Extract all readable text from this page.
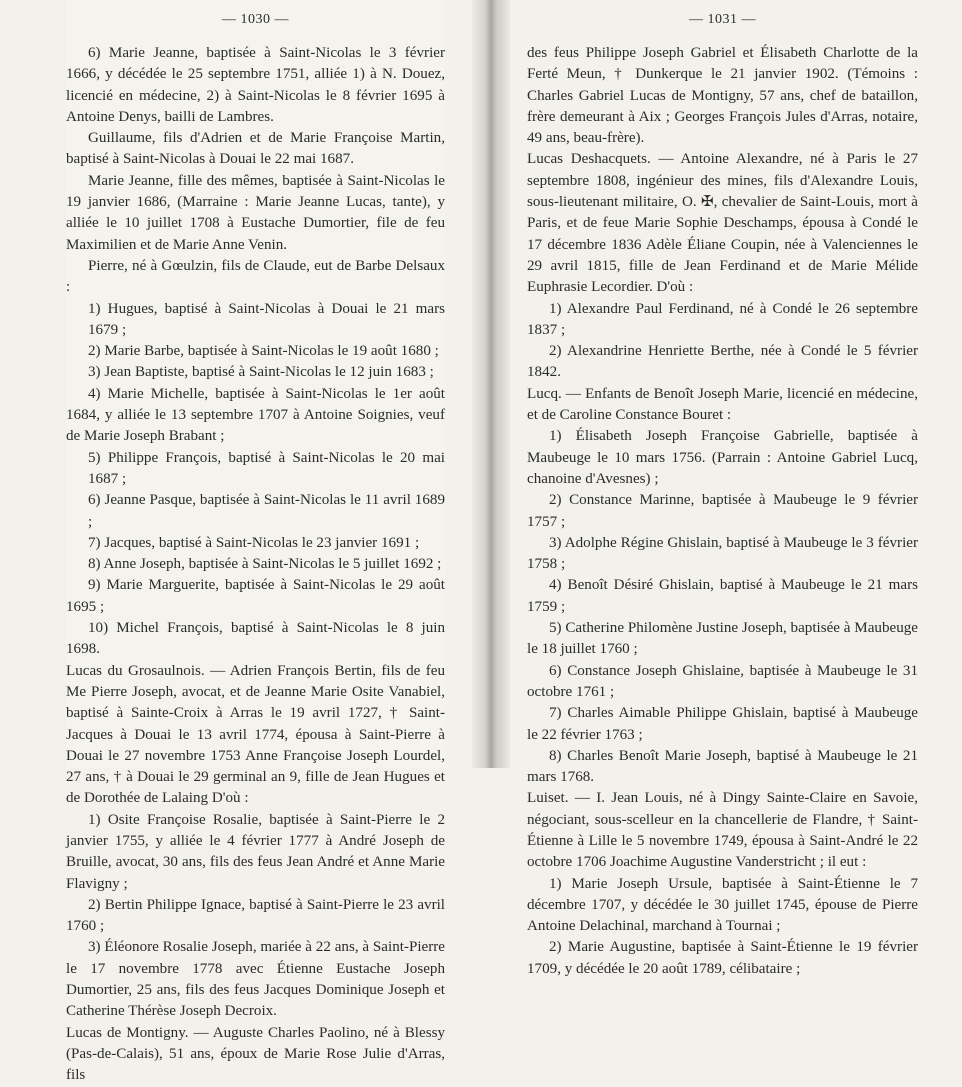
— 1030 —

6) Marie Jeanne, baptisée à Saint-Nicolas le 3 février 1666, y décédée le 25 septembre 1751, alliée 1) à N. Douez, licencié en médecine, 2) à Saint-Nicolas le 8 février 1695 à Antoine Denys, bailli de Lambres.

Guillaume, fils d'Adrien et de Marie Françoise Martin, baptisé à Saint-Nicolas à Douai le 22 mai 1687.

Marie Jeanne, fille des mêmes, baptisée à Saint-Nicolas le 19 janvier 1686, (Marraine : Marie Jeanne Lucas, tante), y alliée le 10 juillet 1708 à Eustache Dumortier, file de feu Maximilien et de Marie Anne Venin.

Pierre, né à Gœulzin, fils de Claude, eut de Barbe Delsaux :

1) Hugues, baptisé à Saint-Nicolas à Douai le 21 mars 1679 ;

2) Marie Barbe, baptisée à Saint-Nicolas le 19 août 1680 ;

3) Jean Baptiste, baptisé à Saint-Nicolas le 12 juin 1683 ;

4) Marie Michelle, baptisée à Saint-Nicolas le 1er août 1684, y alliée le 13 septembre 1707 à Antoine Soignies, veuf de Marie Joseph Brabant ;

5) Philippe François, baptisé à Saint-Nicolas le 20 mai 1687 ;

6) Jeanne Pasque, baptisée à Saint-Nicolas le 11 avril 1689 ;

7) Jacques, baptisé à Saint-Nicolas le 23 janvier 1691 ;

8) Anne Joseph, baptisée à Saint-Nicolas le 5 juillet 1692 ;

9) Marie Marguerite, baptisée à Saint-Nicolas le 29 août 1695 ;

10) Michel François, baptisé à Saint-Nicolas le 8 juin 1698.

Lucas du Grosaulnois. — Adrien François Bertin, fils de feu Me Pierre Joseph, avocat, et de Jeanne Marie Osite Vanabiel, baptisé à Sainte-Croix à Arras le 19 avril 1727, † Saint-Jacques à Douai le 13 avril 1774, épousa à Saint-Pierre à Douai le 27 novembre 1753 Anne Françoise Joseph Lourdel, 27 ans, † à Douai le 29 germinal an 9, fille de Jean Hugues et de Dorothée de Lalaing D'où :

1) Osite Françoise Rosalie, baptisée à Saint-Pierre le 2 janvier 1755, y alliée le 4 février 1777 à André Joseph de Bruille, avocat, 30 ans, fils des feus Jean André et Anne Marie Flavigny ;

2) Bertin Philippe Ignace, baptisé à Saint-Pierre le 23 avril 1760 ;

3) Éléonore Rosalie Joseph, mariée à 22 ans, à Saint-Pierre le 17 novembre 1778 avec Étienne Eustache Joseph Dumortier, 25 ans, fils des feus Jacques Dominique Joseph et Catherine Thérèse Joseph Decroix.

Lucas de Montigny. — Auguste Charles Paolino, né à Blessy (Pas-de-Calais), 51 ans, époux de Marie Rose Julie d'Arras, fils

— 1031 —

des feus Philippe Joseph Gabriel et Élisabeth Charlotte de la Ferté Meun, † Dunkerque le 21 janvier 1902. (Témoins : Charles Gabriel Lucas de Montigny, 57 ans, chef de bataillon, frère demeurant à Aix ; Georges François Jules d'Arras, notaire, 49 ans, beau-frère).

Lucas Deshacquets. — Antoine Alexandre, né à Paris le 27 septembre 1808, ingénieur des mines, fils d'Alexandre Louis, sous-lieutenant militaire, O. ✠, chevalier de Saint-Louis, mort à Paris, et de feue Marie Sophie Deschamps, épousa à Condé le 17 décembre 1836 Adèle Éliane Coupin, née à Valenciennes le 29 avril 1815, fille de Jean Ferdinand et de Marie Mélide Euphrasie Lecordier. D'où :

1) Alexandre Paul Ferdinand, né à Condé le 26 septembre 1837 ;

2) Alexandrine Henriette Berthe, née à Condé le 5 février 1842.

Lucq. — Enfants de Benoît Joseph Marie, licencié en médecine, et de Caroline Constance Bouret :

1) Élisabeth Joseph Françoise Gabrielle, baptisée à Maubeuge le 10 mars 1756. (Parrain : Antoine Gabriel Lucq, chanoine d'Avesnes) ;

2) Constance Marinne, baptisée à Maubeuge le 9 février 1757 ;

3) Adolphe Régine Ghislain, baptisé à Maubeuge le 3 février 1758 ;

4) Benoît Désiré Ghislain, baptisé à Maubeuge le 21 mars 1759 ;

5) Catherine Philomène Justine Joseph, baptisée à Maubeuge le 18 juillet 1760 ;

6) Constance Joseph Ghislaine, baptisée à Maubeuge le 31 octobre 1761 ;

7) Charles Aimable Philippe Ghislain, baptisé à Maubeuge le 22 février 1763 ;

8) Charles Benoît Marie Joseph, baptisé à Maubeuge le 21 mars 1768.

Luiset. — I. Jean Louis, né à Dingy Sainte-Claire en Savoie, négociant, sous-scelleur en la chancellerie de Flandre, † Saint-Étienne à Lille le 5 novembre 1749, épousa à Saint-André le 22 octobre 1706 Joachime Augustine Vanderstricht ; il eut :

1) Marie Joseph Ursule, baptisée à Saint-Étienne le 7 décembre 1707, y décédée le 30 juillet 1745, épouse de Pierre Antoine Delachinal, marchand à Tournai ;

2) Marie Augustine, baptisée à Saint-Étienne le 19 février 1709, y décédée le 20 août 1789, célibataire ;
